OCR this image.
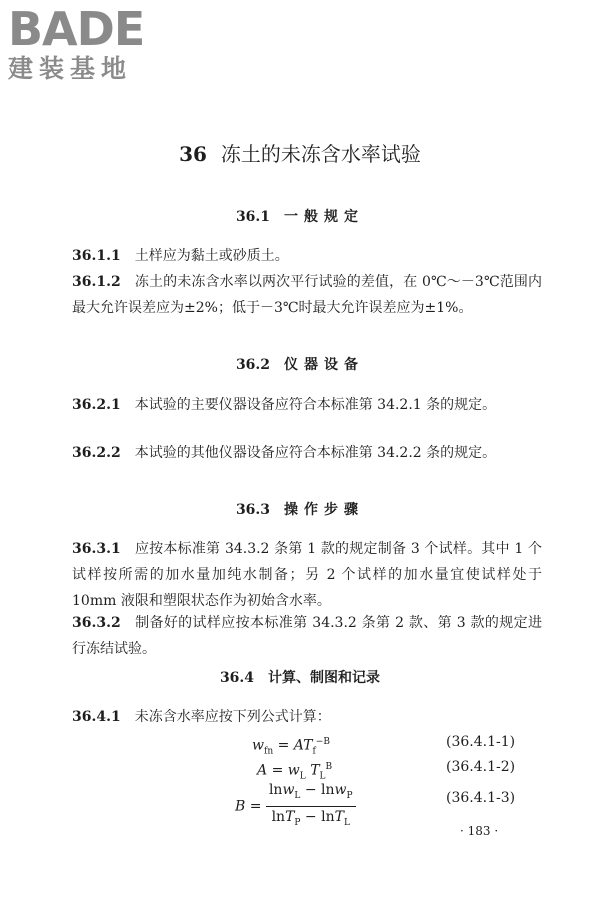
BADE
建装基地
36 冻土的未冻含水率试验
36.1 一般规定
36.1.1 土样应为黏土或砂质土。
36.1.2 冻土的未冻含水率以两次平行试验的差值，在 0℃～－3℃范围内最大允许误差应为±2%；低于－3℃时最大允许误差应为±1%。
36.2 仪器设备
36.2.1 本试验的主要仪器设备应符合本标准第 34.2.1 条的规定。
36.2.2 本试验的其他仪器设备应符合本标准第 34.2.2 条的规定。
36.3 操作步骤
36.3.1 应按本标准第 34.3.2 条第 1 款的规定制备 3 个试样。其中 1 个试样按所需的加水量加纯水制备；另 2 个试样的加水量宜使试样处于 10mm 液限和塑限状态作为初始含水率。
36.3.2 制备好的试样应按本标准第 34.3.2 条第 2 款、第 3 款的规定进行冻结试验。
36.4 计算、制图和记录
36.4.1 未冻含水率应按下列公式计算：
$w_{fn} = AT_f^{-B}$	(36.4.1-1)
$A = w_L$ $T_L^B$	(36.4.1-2)
$B = \frac{\ln w_L - \ln w_P}{\ln T_P - \ln T_L}$	(36.4.1-3)
· 183 ·
